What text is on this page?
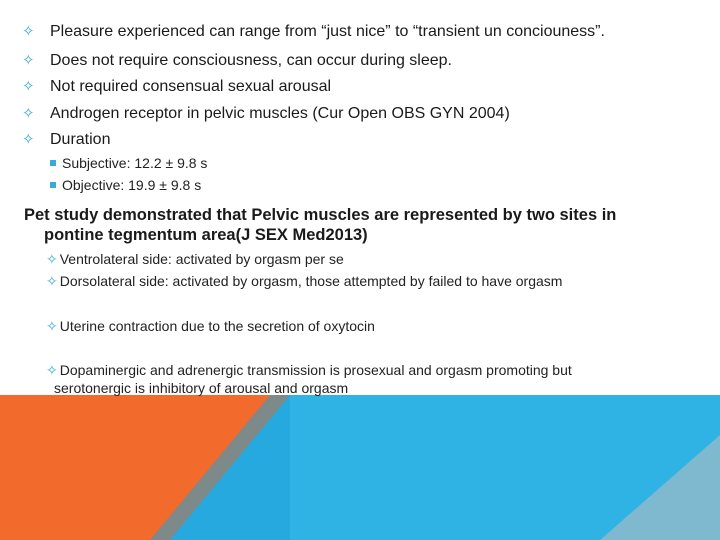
✧ Pleasure experienced can range from “just nice” to “transient un conciouness”.
✧ Does not require consciousness, can occur during sleep.
✧ Not required consensual sexual arousal
✧ Androgen receptor in pelvic muscles (Cur Open OBS GYN 2004)
✧ Duration
Subjective: 12.2 ± 9.8 s
Objective: 19.9 ± 9.8 s
Pet study demonstrated that Pelvic muscles are represented by two sites in
pontine tegmentum area(J SEX Med2013)
✧ Ventrolateral side: activated by orgasm per se
✧ Dorsolateral side: activated by orgasm, those attempted by failed to have orgasm
✧ Uterine contraction due to the secretion of oxytocin
✧ Dopaminergic and adrenergic transmission is prosexual and orgasm promoting but
serotonergic is inhibitory of arousal and orgasm
